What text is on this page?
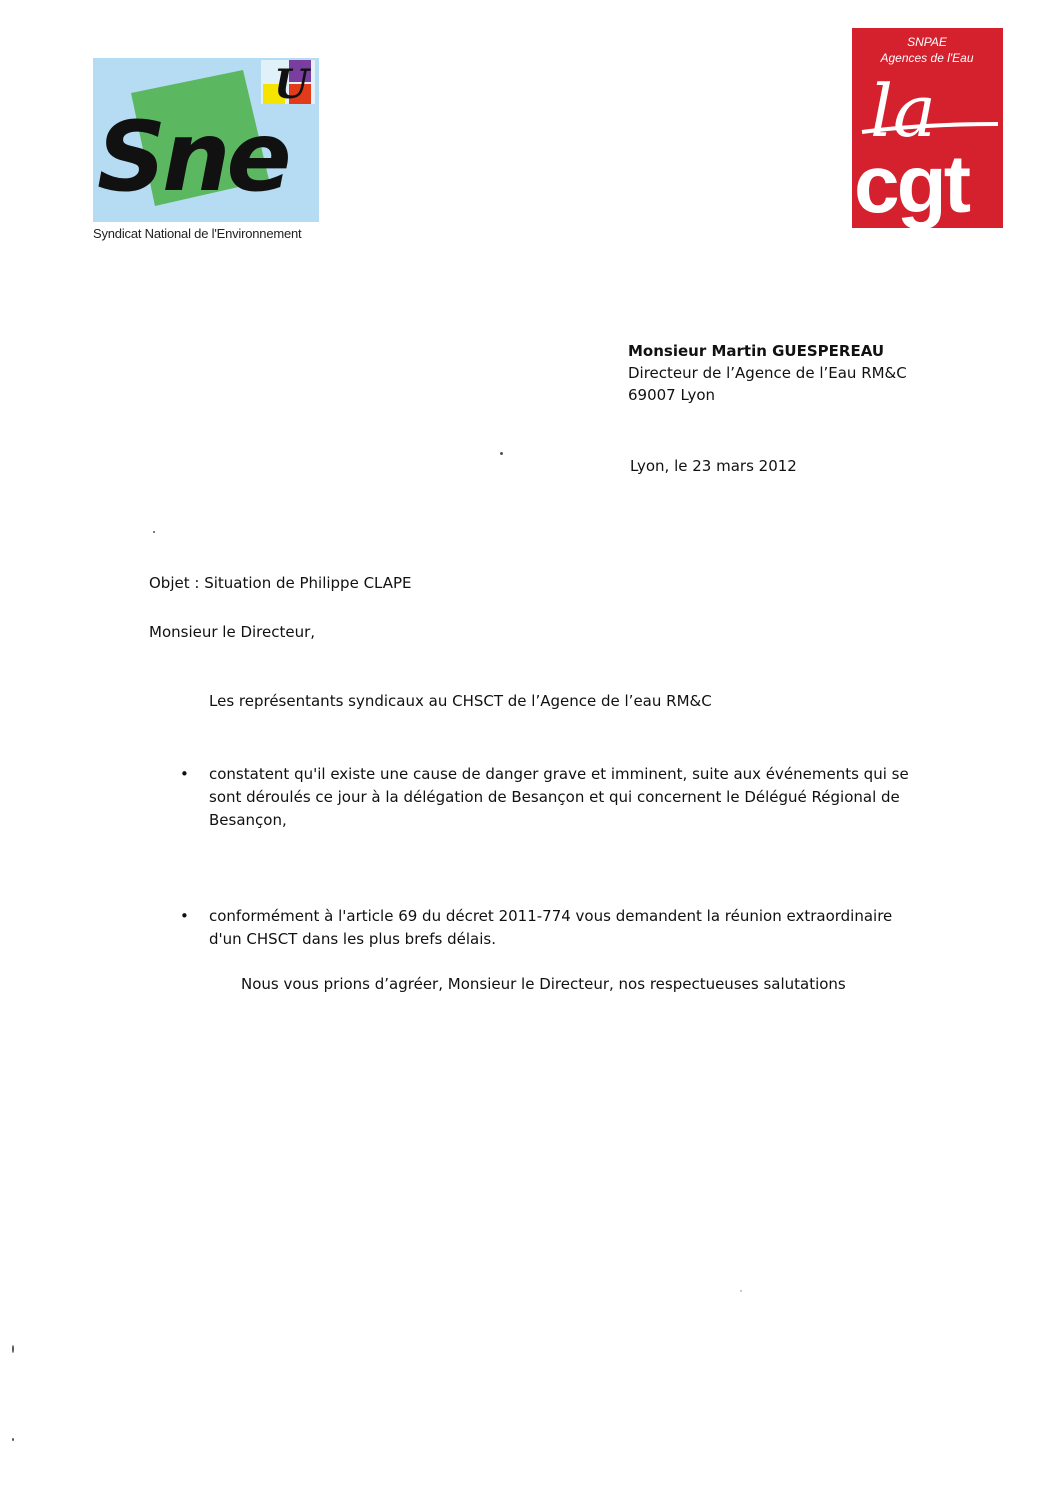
U
Sne
Syndicat National de l'Environnement
SNPAE
Agences de l'Eau
la
cgt
Monsieur Martin GUESPEREAU
Directeur de l’Agence de l’Eau RM&C
69007 Lyon
Lyon, le 23 mars 2012
Objet : Situation de Philippe CLAPE
Monsieur le Directeur,
Les représentants syndicaux au CHSCT de l’Agence de l’eau RM&C
•	constatent qu'il existe une cause de danger grave et imminent, suite aux événements qui se
sont déroulés ce jour à la délégation de Besançon et qui concernent le Délégué Régional de
Besançon,
•	conformément à l'article 69 du décret 2011-774 vous demandent la réunion extraordinaire
d'un CHSCT dans les plus brefs délais.
Nous vous prions d’agréer, Monsieur le Directeur, nos respectueuses salutations
